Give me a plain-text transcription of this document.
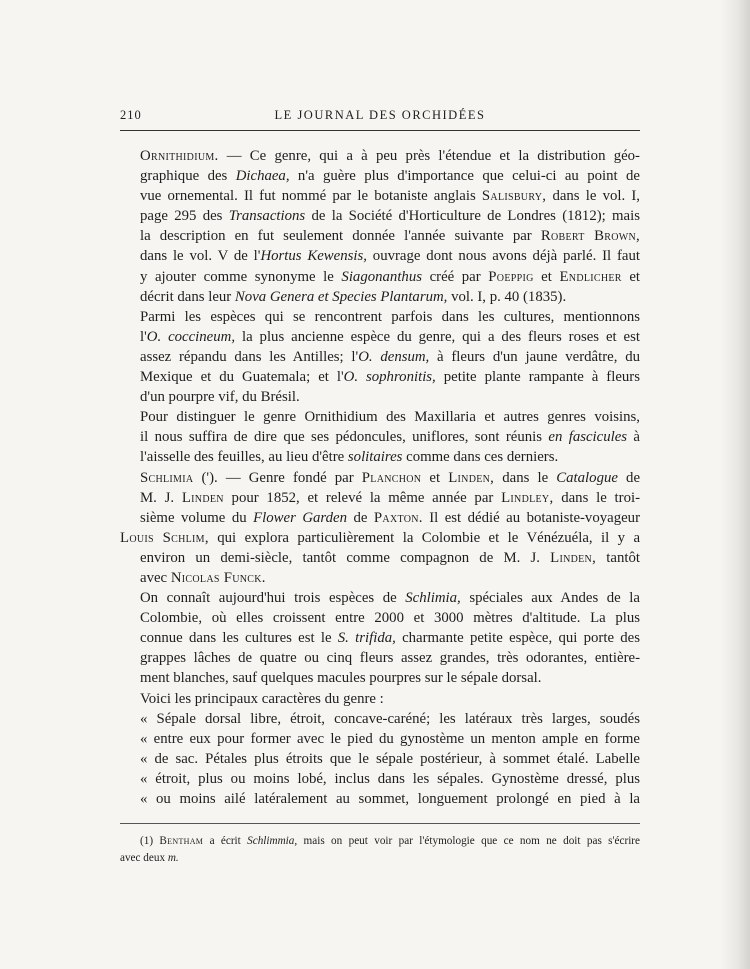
210	LE JOURNAL DES ORCHIDÉES

Ornithidium. — Ce genre, qui a à peu près l'étendue et la distribution géo-
graphique des Dichaea, n'a guère plus d'importance que celui-ci au point de
vue ornemental. Il fut nommé par le botaniste anglais Salisbury, dans le vol. I,
page 295 des Transactions de la Société d'Horticulture de Londres (1812); mais
la description en fut seulement donnée l'année suivante par Robert Brown,
dans le vol. V de l'Hortus Kewensis, ouvrage dont nous avons déjà parlé. Il faut
y ajouter comme synonyme le Siagonanthus créé par Poeppig et Endlicher et
décrit dans leur Nova Genera et Species Plantarum, vol. I, p. 40 (1835).

Parmi les espèces qui se rencontrent parfois dans les cultures, mentionnons
l'O. coccineum, la plus ancienne espèce du genre, qui a des fleurs roses et est
assez répandu dans les Antilles; l'O. densum, à fleurs d'un jaune verdâtre, du
Mexique et du Guatemala; et l'O. sophronitis, petite plante rampante à fleurs
d'un pourpre vif, du Brésil.

Pour distinguer le genre Ornithidium des Maxillaria et autres genres voisins,
il nous suffira de dire que ses pédoncules, uniflores, sont réunis en fascicules à
l'aisselle des feuilles, au lieu d'être solitaires comme dans ces derniers.

Schlimia ('). — Genre fondé par Planchon et Linden, dans le Catalogue de
M. J. Linden pour 1852, et relevé la même année par Lindley, dans le troi-
sième volume du Flower Garden de Paxton. Il est dédié au botaniste-voyageur
Louis Schlim, qui explora particulièrement la Colombie et le Vénézuéla, il y a
environ un demi-siècle, tantôt comme compagnon de M. J. Linden, tantôt
avec Nicolas Funck.

On connaît aujourd'hui trois espèces de Schlimia, spéciales aux Andes de la
Colombie, où elles croissent entre 2000 et 3000 mètres d'altitude. La plus
connue dans les cultures est le S. trifida, charmante petite espèce, qui porte des
grappes lâches de quatre ou cinq fleurs assez grandes, très odorantes, entière-
ment blanches, sauf quelques macules pourpres sur le sépale dorsal.

Voici les principaux caractères du genre :

« Sépale dorsal libre, étroit, concave-caréné; les latéraux très larges, soudés
« entre eux pour former avec le pied du gynostème un menton ample en forme
« de sac. Pétales plus étroits que le sépale postérieur, à sommet étalé. Labelle
« étroit, plus ou moins lobé, inclus dans les sépales. Gynostème dressé, plus
« ou moins ailé latéralement au sommet, longuement prolongé en pied à la

(1) Bentham a écrit Schlimmia, mais on peut voir par l'étymologie que ce nom ne doit pas s'écrire
avec deux m.
